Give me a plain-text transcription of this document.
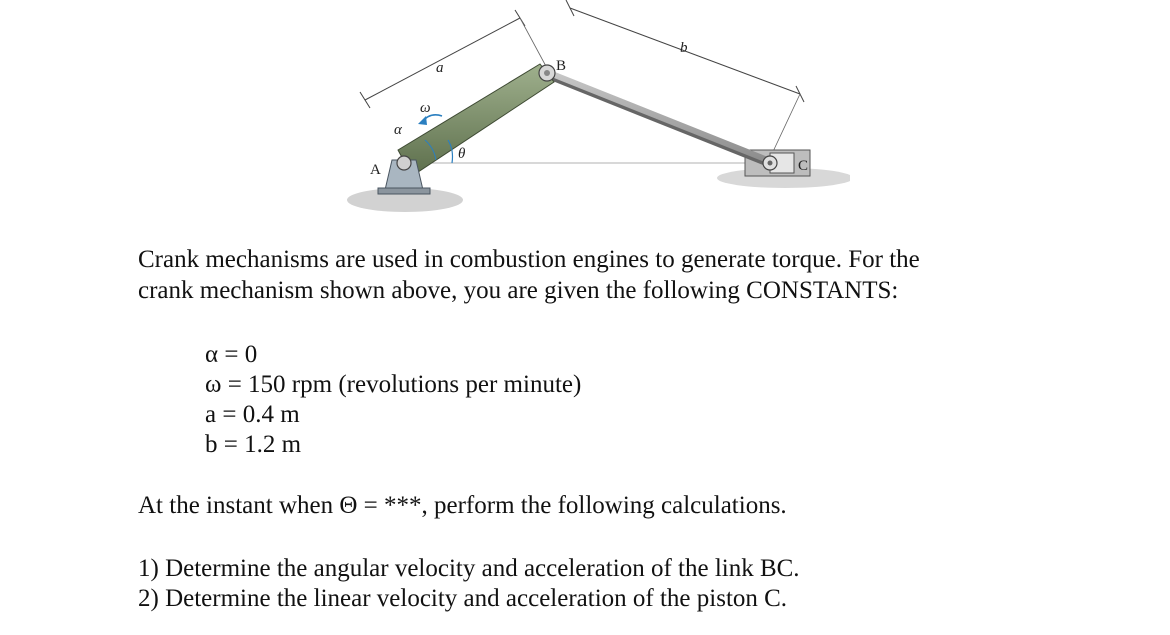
A
B
C
a
b
α
ω
θ

Crank mechanisms are used in combustion engines to generate torque. For the
crank mechanism shown above, you are given the following CONSTANTS:

α = 0
ω = 150 rpm (revolutions per minute)
a = 0.4 m
b = 1.2 m

At the instant when Θ = ***, perform the following calculations.

1) Determine the angular velocity and acceleration of the link BC.
2) Determine the linear velocity and acceleration of the piston C.
